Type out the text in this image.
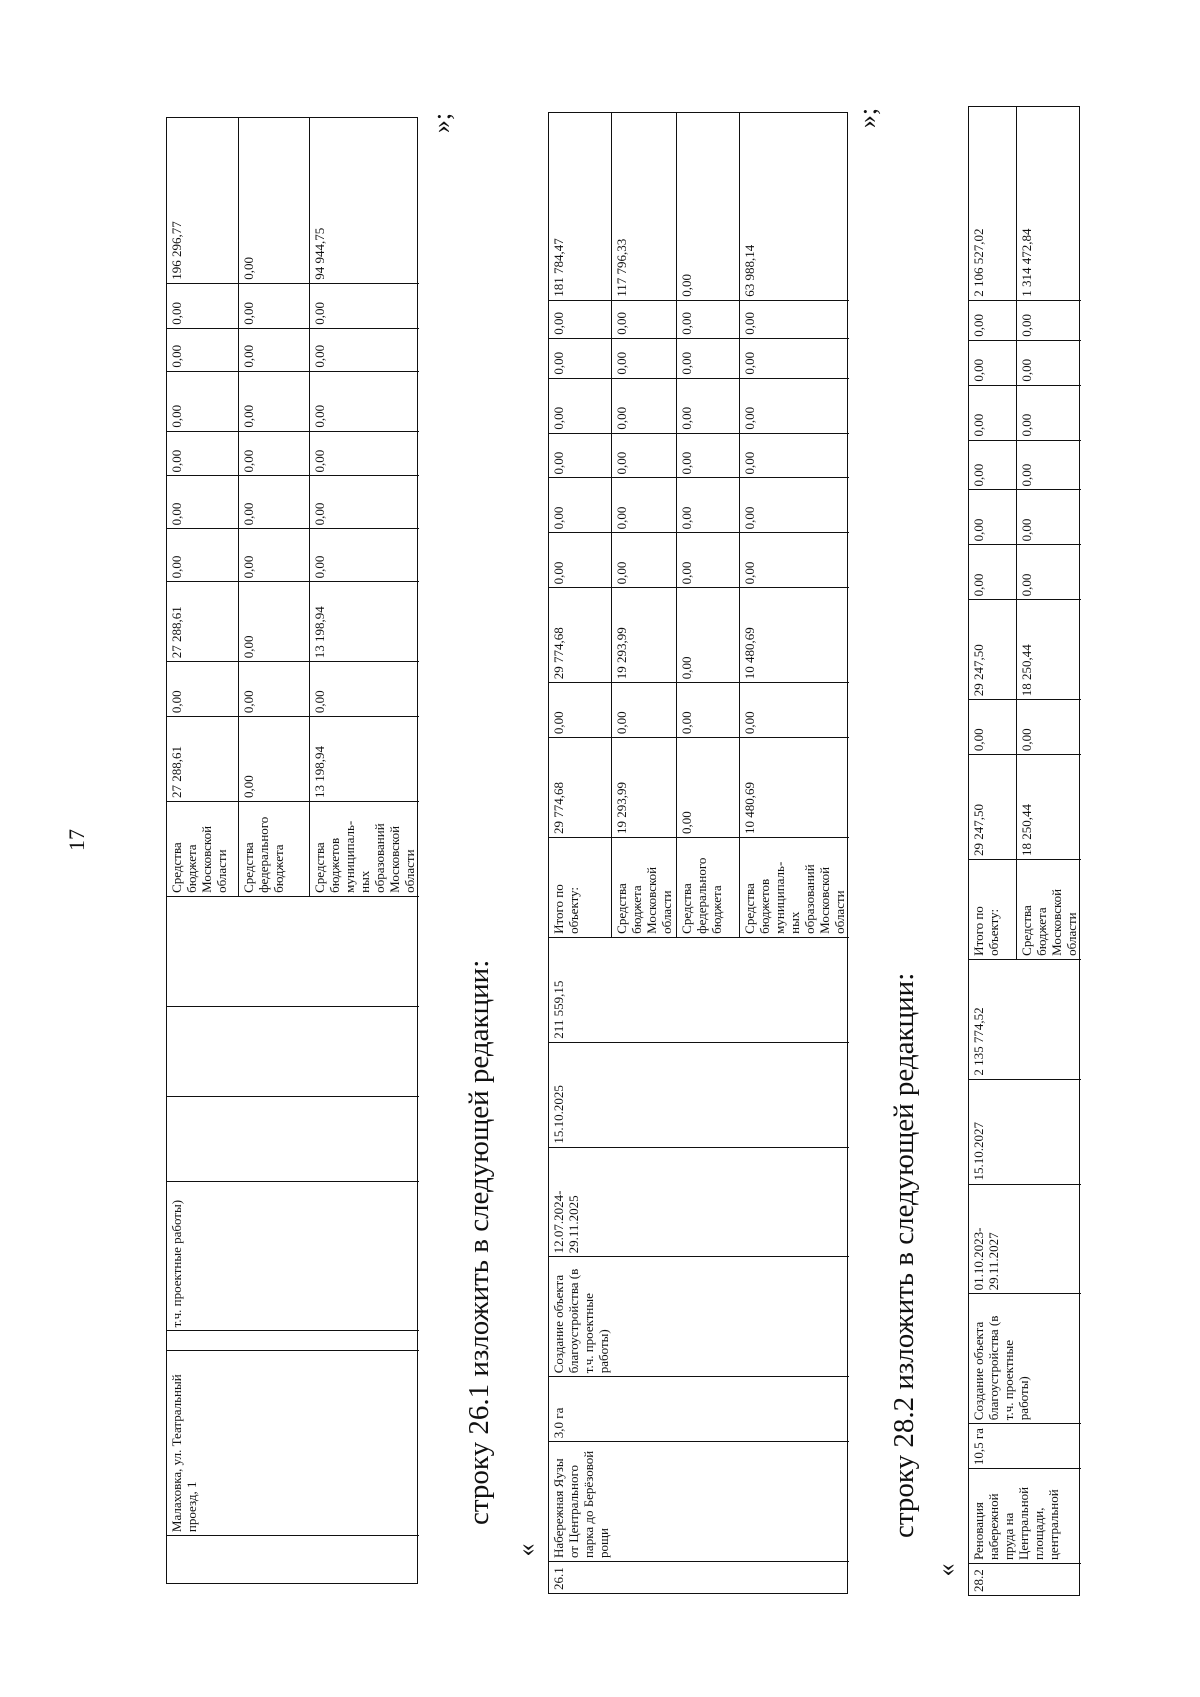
17
Малаховка, ул. Театральный проезд, 1
т.ч. проектные работы)
Средства бюджета Московской области
27 288,61
0,00
27 288,61
0,00
0,00
0,00
0,00
0,00
0,00
196 296,77
Средства федерального бюджета
0,00
0,00
0,00
0,00
0,00
0,00
0,00
0,00
0,00
0,00
Средства бюджетов муниципаль-ных образований Московской области
13 198,94
0,00
13 198,94
0,00
0,00
0,00
0,00
0,00
0,00
94 944,75
»;
строку 26.1 изложить в следующей редакции:
«
26.1
Набережная Яузы от Центрального парка до Берёзовой рощи
3,0 га
Создание объекта благоустройства (в т.ч. проектные работы)
12.07.2024-29.11.2025
15.10.2025
211 559,15
Итого по объекту:
29 774,68
0,00
29 774,68
0,00
0,00
0,00
0,00
0,00
0,00
181 784,47
Средства бюджета Московской области
19 293,99
0,00
19 293,99
0,00
0,00
0,00
0,00
0,00
0,00
117 796,33
Средства федерального бюджета
0,00
0,00
0,00
0,00
0,00
0,00
0,00
0,00
0,00
0,00
Средства бюджетов муниципаль-ных образований Московской области
10 480,69
0,00
10 480,69
0,00
0,00
0,00
0,00
0,00
0,00
63 988,14
»;
строку 28.2 изложить в следующей редакции:
« 28.2
Реновация набережной пруда на Центральной площади, центральной
10,5 га
Создание объекта благоустройства (в т.ч. проектные работы)
01.10.2023-29.11.2027
15.10.2027
2 135 774,52
Итого по объекту:
29 247,50
0,00
29 247,50
0,00
0,00
0,00
0,00
0,00
0,00
2 106 527,02
Средства бюджета Московской области
18 250,44
0,00
18 250,44
0,00
0,00
0,00
0,00
0,00
0,00
1 314 472,84
